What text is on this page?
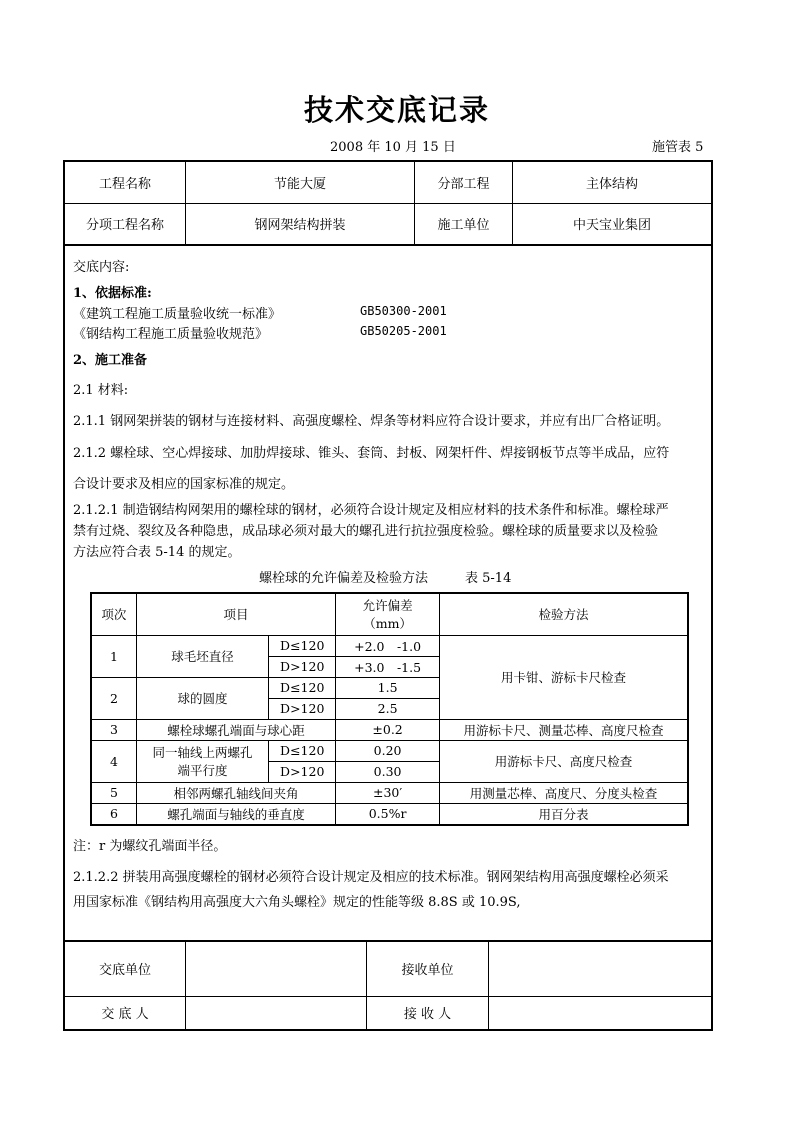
技术交底记录
2008 年 10 月 15 日	施管表 5
工程名称	节能大厦	分部工程	主体结构
分项工程名称	钢网架结构拼装	施工单位	中天宝业集团
交底内容:
1、依据标准:
《建筑工程施工质量验收统一标准》	GB50300-2001
《钢结构工程施工质量验收规范》	GB50205-2001
2、施工准备
2.1 材料:
2.1.1 钢网架拼装的钢材与连接材料、高强度螺栓、焊条等材料应符合设计要求，并应有出厂合格证明。
2.1.2 螺栓球、空心焊接球、加肋焊接球、锥头、套筒、封板、网架杆件、焊接钢板节点等半成品，应符
合设计要求及相应的国家标准的规定。
2.1.2.1 制造钢结构网架用的螺栓球的钢材，必须符合设计规定及相应材料的技术条件和标准。螺栓球严
禁有过烧、裂纹及各种隐患，成品球必须对最大的螺孔进行抗拉强度检验。螺栓球的质量要求以及检验
方法应符合表 5-14 的规定。
螺栓球的允许偏差及检验方法	表 5-14
项次	项目		允许偏差
（mm）	检验方法
1	球毛坯直径	D≤120	+2.0　-1.0	用卡钳、游标卡尺检查
		D>120	+3.0　-1.5	
2	球的圆度	D≤120	1.5	
		D>120	2.5	
3	螺栓球螺孔端面与球心距		±0.2	用游标卡尺、测量芯棒、高度尺检查
4	同一轴线上两螺孔
端平行度	D≤120	0.20	用游标卡尺、高度尺检查
		D>120	0.30	
5	相邻两螺孔轴线间夹角		±30′	用测量芯棒、高度尺、分度头检查
6	螺孔端面与轴线的垂直度		0.5%r	用百分表
注：r 为螺纹孔端面半径。
2.1.2.2 拼装用高强度螺栓的钢材必须符合设计规定及相应的技术标准。钢网架结构用高强度螺栓必须采
用国家标准《钢结构用高强度大六角头螺栓》规定的性能等级 8.8S 或 10.9S,
交底单位		接收单位	
交 底 人		接 收 人	
